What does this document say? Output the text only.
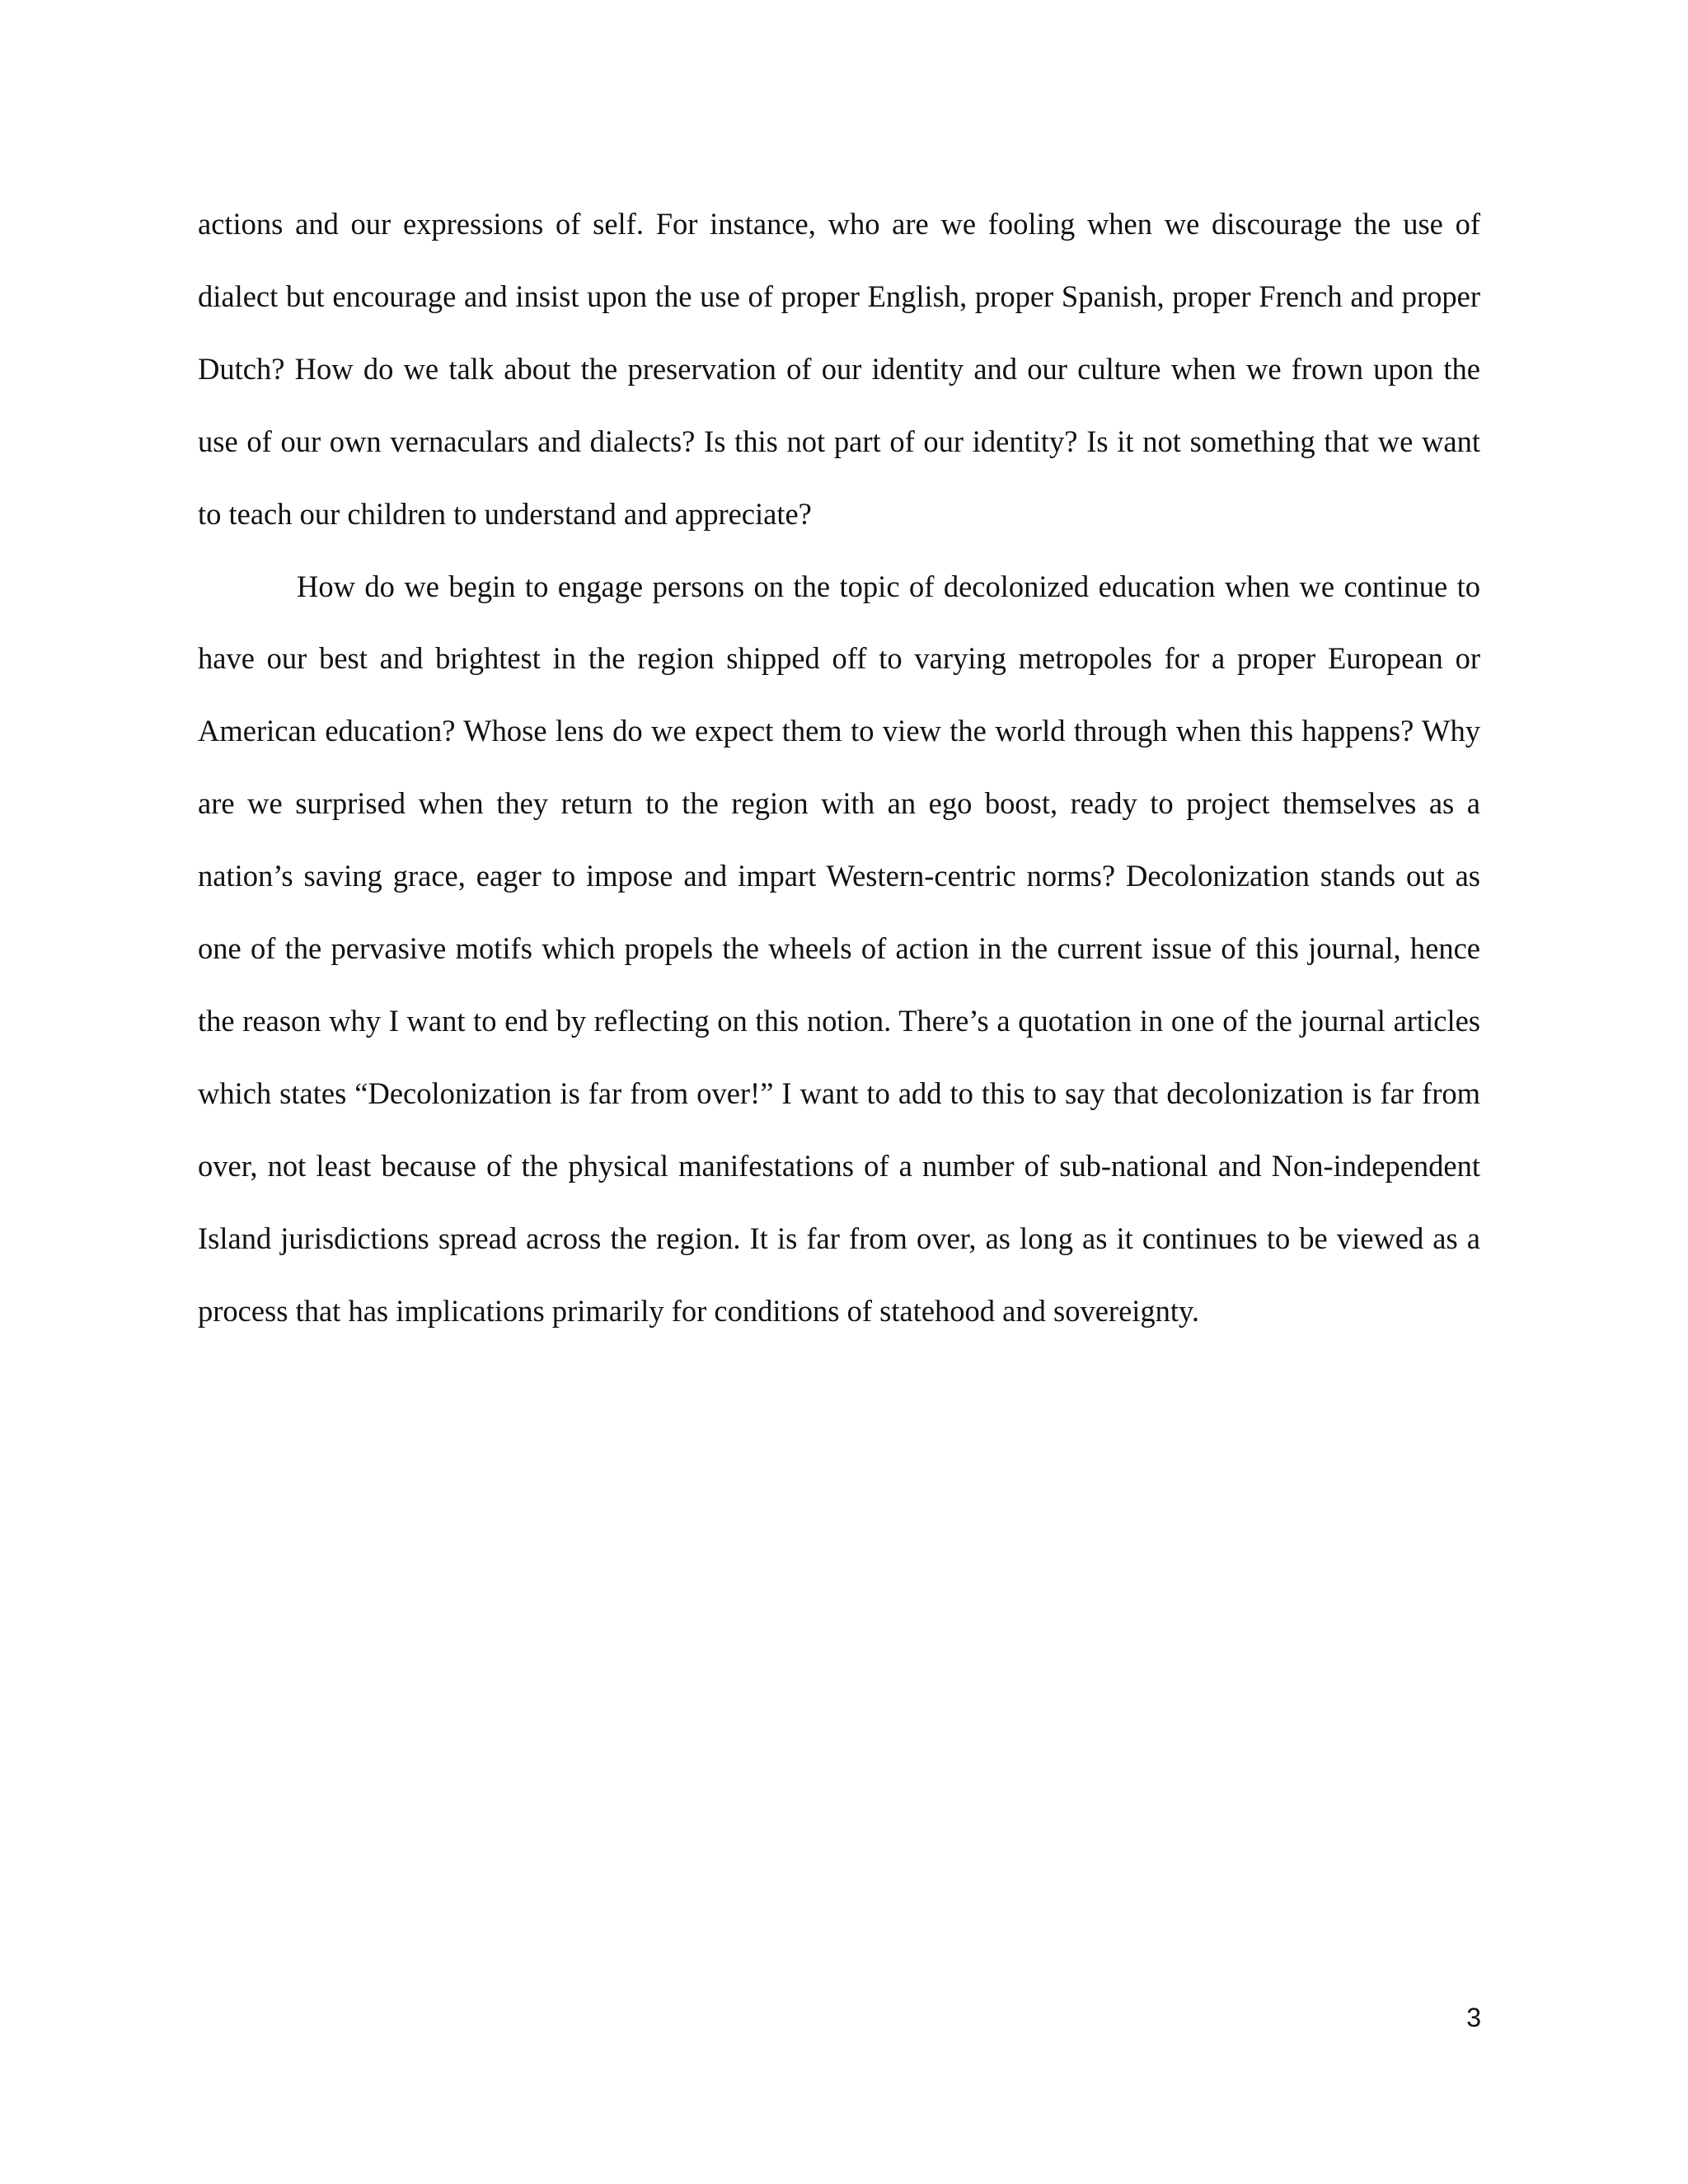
actions and our expressions of self. For instance, who are we fooling when we discourage the use of dialect but encourage and insist upon the use of proper English, proper Spanish, proper French and proper Dutch? How do we talk about the preservation of our identity and our culture when we frown upon the use of our own vernaculars and dialects? Is this not part of our identity? Is it not something that we want to teach our children to understand and appreciate?

How do we begin to engage persons on the topic of decolonized education when we continue to have our best and brightest in the region shipped off to varying metropoles for a proper European or American education? Whose lens do we expect them to view the world through when this happens? Why are we surprised when they return to the region with an ego boost, ready to project themselves as a nation’s saving grace, eager to impose and impart Western-centric norms? Decolonization stands out as one of the pervasive motifs which propels the wheels of action in the current issue of this journal, hence the reason why I want to end by reflecting on this notion. There’s a quotation in one of the journal articles which states “Decolonization is far from over!” I want to add to this to say that decolonization is far from over, not least because of the physical manifestations of a number of sub-national and Non-independent Island jurisdictions spread across the region. It is far from over, as long as it continues to be viewed as a process that has implications primarily for conditions of statehood and sovereignty.

3
